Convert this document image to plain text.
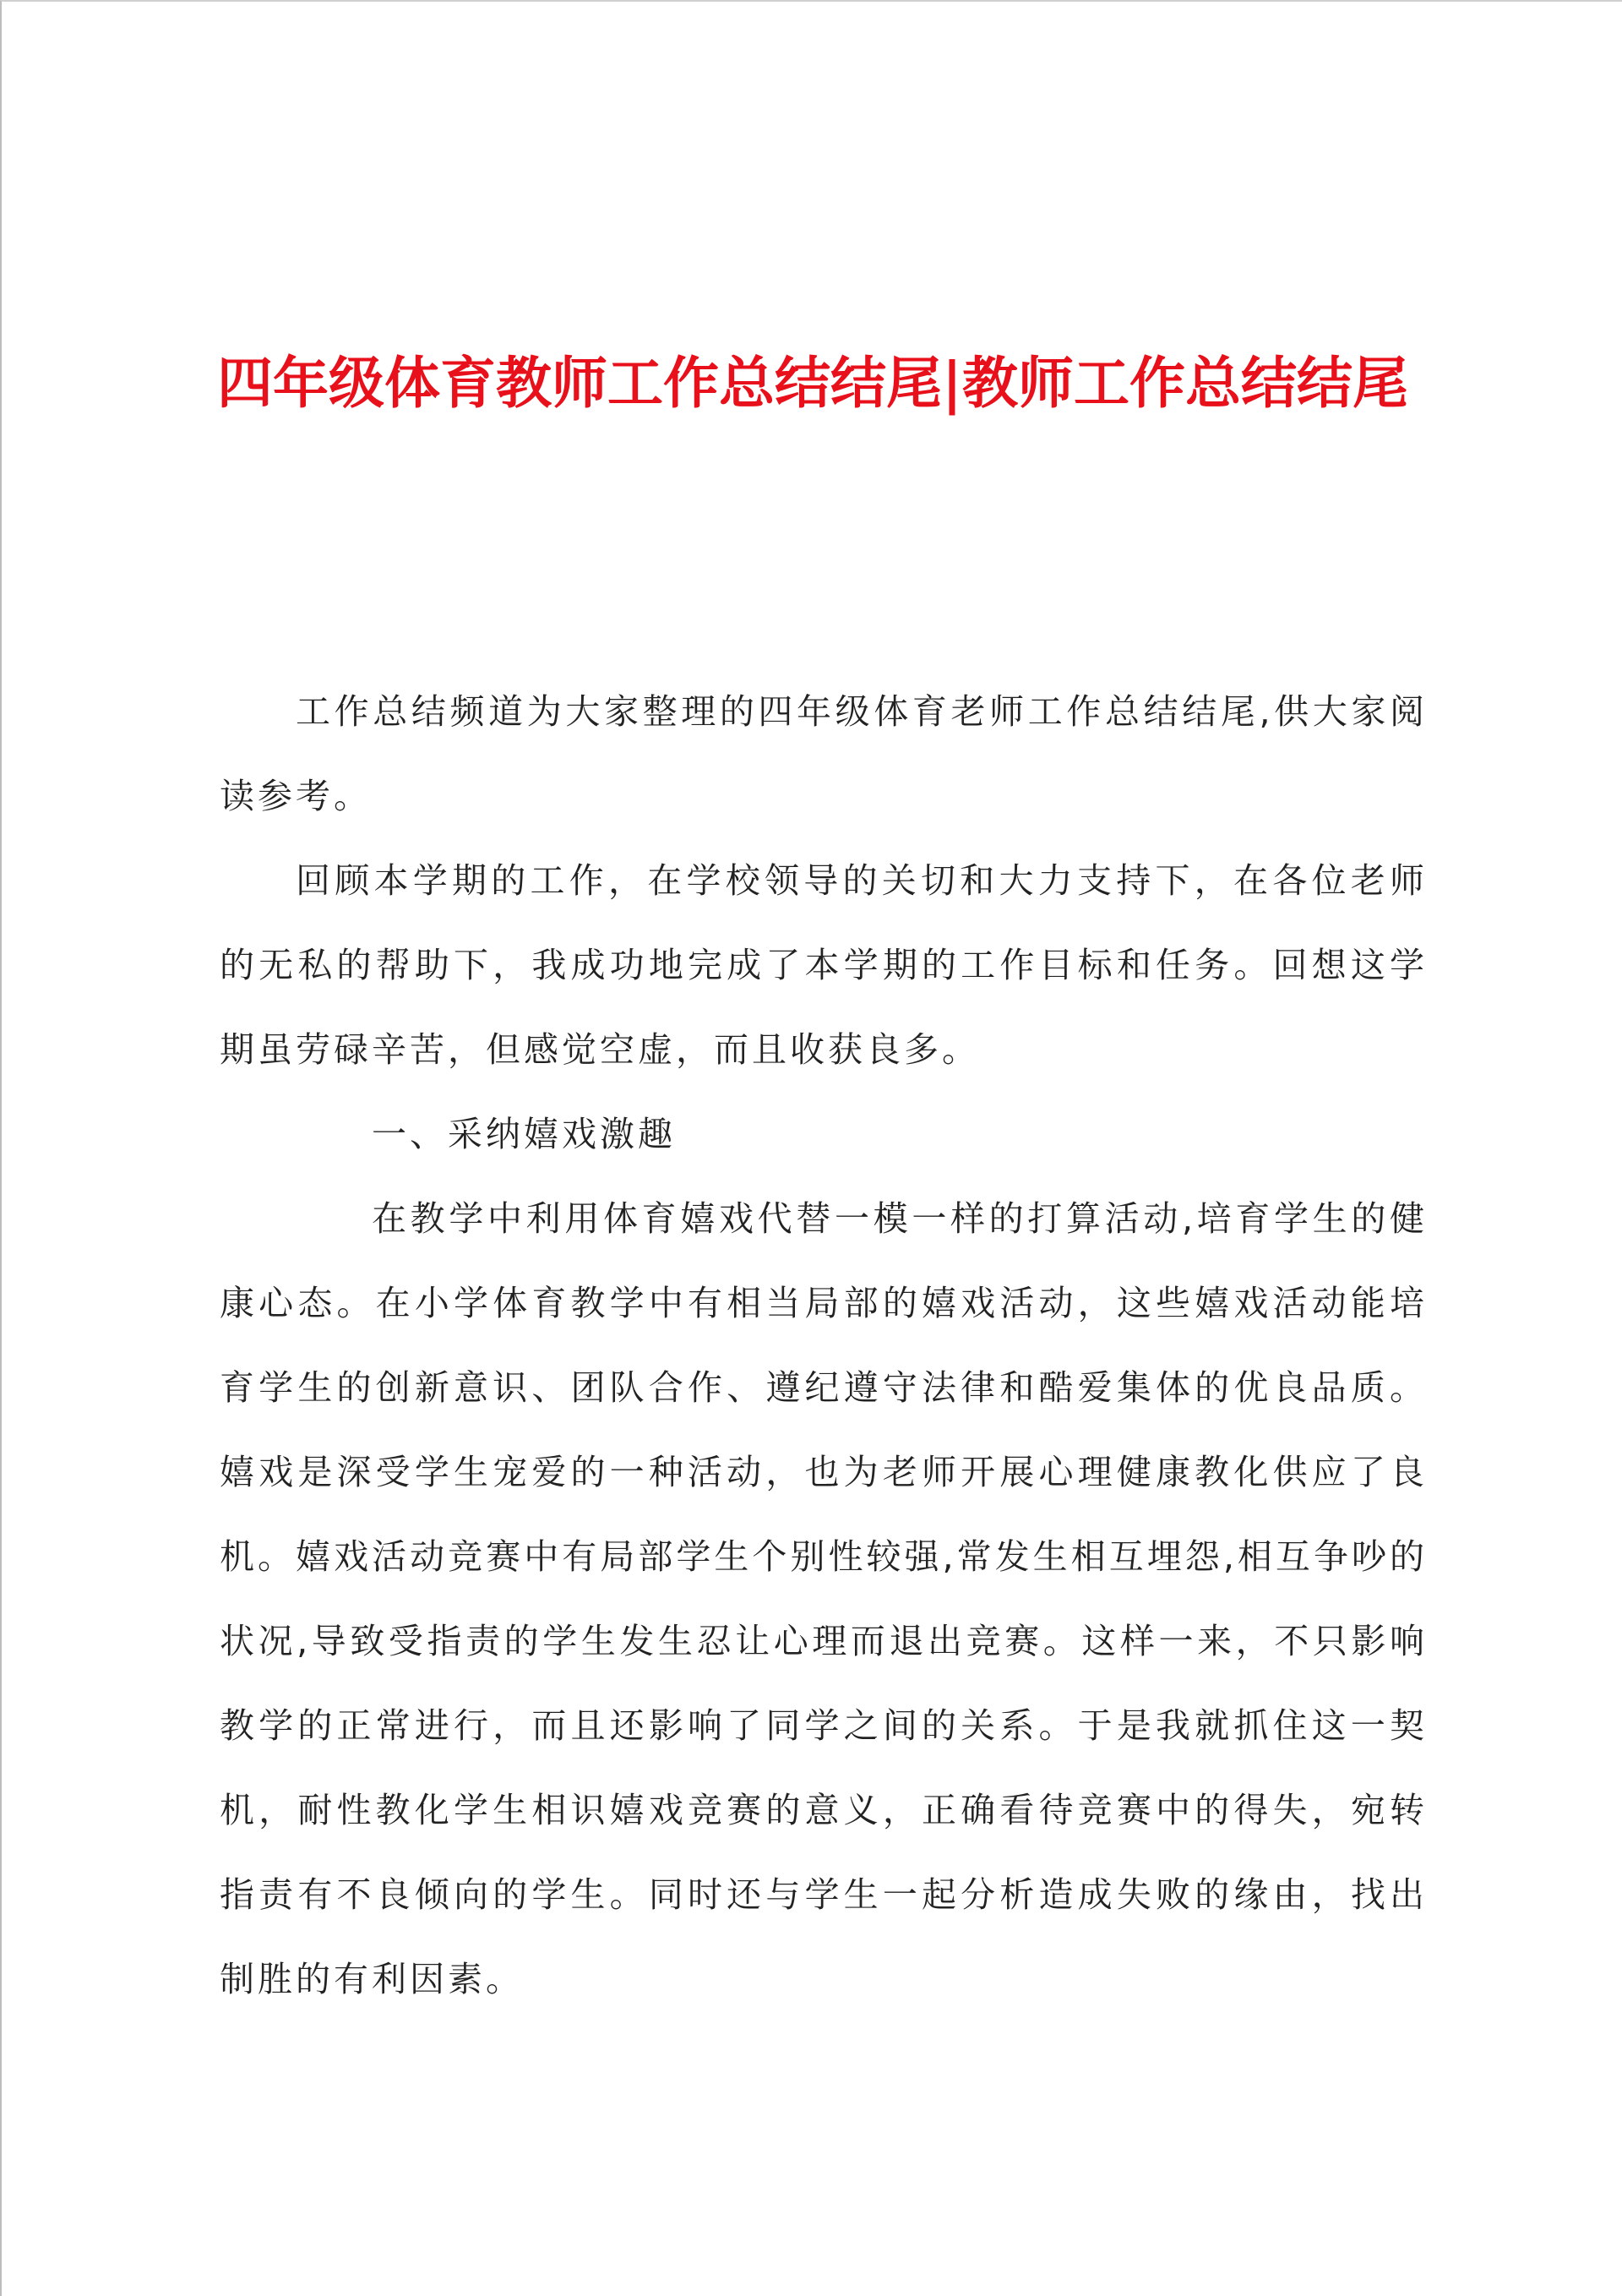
四年级体育教师工作总结结尾|教师工作总结结尾

工作总结频道为大家整理的四年级体育老师工作总结结尾,供大家阅读参考。

回顾本学期的工作，在学校领导的关切和大力支持下，在各位老师的无私的帮助下，我成功地完成了本学期的工作目标和任务。回想这学期虽劳碌辛苦，但感觉空虚，而且收获良多。

一、采纳嬉戏激趣

在教学中利用体育嬉戏代替一模一样的打算活动,培育学生的健康心态。在小学体育教学中有相当局部的嬉戏活动，这些嬉戏活动能培育学生的创新意识、团队合作、遵纪遵守法律和酷爱集体的优良品质。嬉戏是深受学生宠爱的一种活动，也为老师开展心理健康教化供应了良机。嬉戏活动竞赛中有局部学生个别性较强,常发生相互埋怨,相互争吵的状况,导致受指责的学生发生忍让心理而退出竞赛。这样一来，不只影响教学的正常进行，而且还影响了同学之间的关系。于是我就抓住这一契机，耐性教化学生相识嬉戏竞赛的意义，正确看待竞赛中的得失，宛转指责有不良倾向的学生。同时还与学生一起分析造成失败的缘由，找出制胜的有利因素。
